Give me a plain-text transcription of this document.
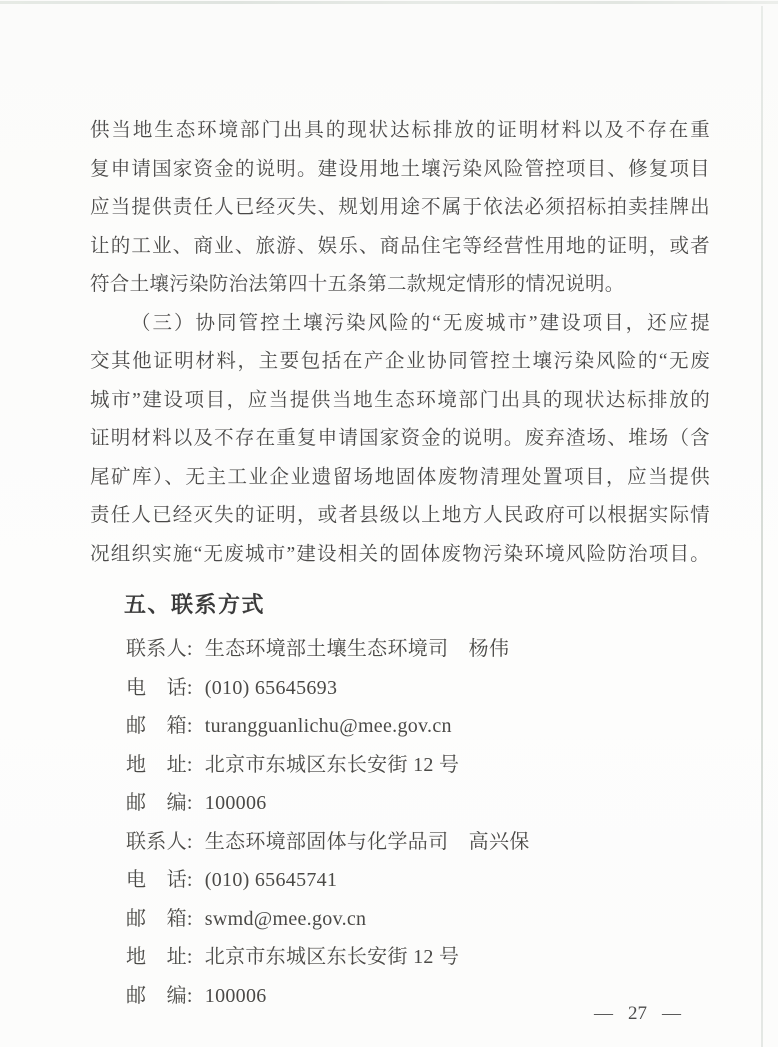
供当地生态环境部门出具的现状达标排放的证明材料以及不存在重
复申请国家资金的说明。建设用地土壤污染风险管控项目、修复项目
应当提供责任人已经灭失、规划用途不属于依法必须招标拍卖挂牌出
让的工业、商业、旅游、娱乐、商品住宅等经营性用地的证明，或者
符合土壤污染防治法第四十五条第二款规定情形的情况说明。
（三）协同管控土壤污染风险的“无废城市”建设项目，还应提
交其他证明材料，主要包括在产企业协同管控土壤污染风险的“无废
城市”建设项目，应当提供当地生态环境部门出具的现状达标排放的
证明材料以及不存在重复申请国家资金的说明。废弃渣场、堆场（含
尾矿库）、无主工业企业遗留场地固体废物清理处置项目，应当提供
责任人已经灭失的证明，或者县级以上地方人民政府可以根据实际情
况组织实施“无废城市”建设相关的固体废物污染环境风险防治项目。
五、联系方式
联系人: 生态环境部土壤生态环境司　杨伟
电　话: (010) 65645693
邮　箱: turangguanlichu@mee.gov.cn
地　址: 北京市东城区东长安街 12 号
邮　编: 100006
联系人: 生态环境部固体与化学品司　高兴保
电　话: (010) 65645741
邮　箱: swmd@mee.gov.cn
地　址: 北京市东城区东长安街 12 号
邮　编: 100006
— 27 —
